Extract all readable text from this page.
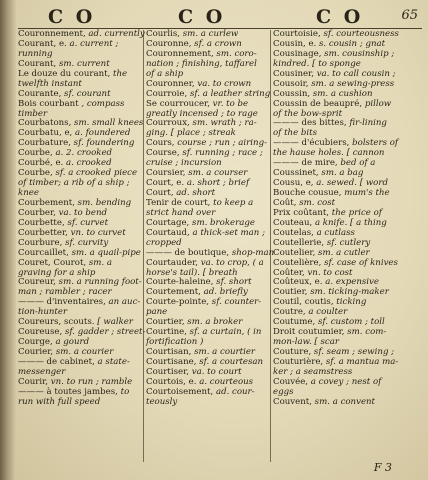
C O	C O	C O	65
Couronnement, ad. currently
Courant, e. a. current ;
running
Courant, sm. current
Le douze du courant, the
twelfth instant
Courante, sf. courant
Bois courbant , compass
timber
Courbatons, sm. small knees
Courbatu, e, a. foundered
Courbature, sf. foundering
Courbe, a. 2. crooked
Courbé, e. a. crooked
Courbe, sf. a crooked piece
of timber; a rib of a ship ;
knee
Courbement, sm. bending
Courber, va. to bend
Courbette, sf. curvet
Courbetter, vn. to curvet
Courbure, sf. curvity
Courcaillet, sm. a quail-pipe
Couret, Courot, sm. a
graving for a ship
Coureur, sm. a running foot-
man ; rambler ; racer
——— d'inventaires, an auc-
tion-hunter
Coureurs, scouts. [ walker
Coureuse, sf. gadder ; street-
Courge, a gourd
Courier, sm. a courier
——— de cabinet, a state-
messenger
Courir, vn. to run ; ramble
——— à toutes jambes, to
run with full speed
Courlis, sm. a curlew
Couronne, sf. a crown
Couronnement, sm. coro-
nation ; finishing, taffarel
of a ship
Couronner, va. to crown
Courroie, sf. a leather string
Se courroucer, vr. to be
greatly incensed ; to rage
Courroux, sm. wrath ; ra-
ging. [ place ; streak
Cours, course ; run ; airing-
Course, sf. running ; race ;
cruise ; incursion
Coursier, sm. a courser
Court, e. a. short ; brief
Court, ad. short
Tenir de court, to keep a
strict hand over
Courtage, sm. brokerage
Courtaud, a thick-set man ;
cropped
——— de boutique, shop-man
Courtauder, va. to crop, ( a
horse's tail). [ breath
Courte-haleine, sf. short
Courtement, ad. briefly
Courte-pointe, sf. counter-
pane
Courtier, sm. a broker
Courtine, sf. a curtain, ( in
fortification )
Courtisan, sm. a courtier
Courtisane, sf. a courtesan
Courtiser, va. to court
Courtois, e. a. courteous
Courtoisement, ad. cour-
teously
Courtoisie, sf. courteousness
Cousin, e. s. cousin ; gnat
Cousinage, sm. cousinship ;
kindred. [ to sponge
Cousiner, va. to call cousin ;
Cousoir, sm. a sewing-press
Coussin, sm. a cushion
Coussin de beaupré, pillow
of the bow-sprit
——— des bittes, fir-lining
of the bits
——— d'écubiers, bolsters of
the hause holes. [ cannon
——— de mire, bed of a
Coussinet, sm. a bag
Cousu, e, a. sewed. [ word
Bouche cousue, mum's the
Coût, sm. cost
Prix coûtant, the price of
Couteau, a knife. [ a thing
Coutelas, a cutlass
Coutellerie, sf. cutlery
Coutelier, sm. a cutler
Coutelière, sf. case of knives
Coûter, vn. to cost
Coûteux, e. a. expensive
Coutier, sm. ticking-maker
Coutil, coutis, ticking
Coutre, a coulter
Coutume, sf. custom ; toll
Droit coutumier, sm. com-
mon-law. [ scar
Couture, sf. seam ; sewing ;
Couturière, sf. a mantua ma-
ker ; a seamstress
Couvée, a covey ; nest of
eggs
Couvent, sm. a convent
F 3
